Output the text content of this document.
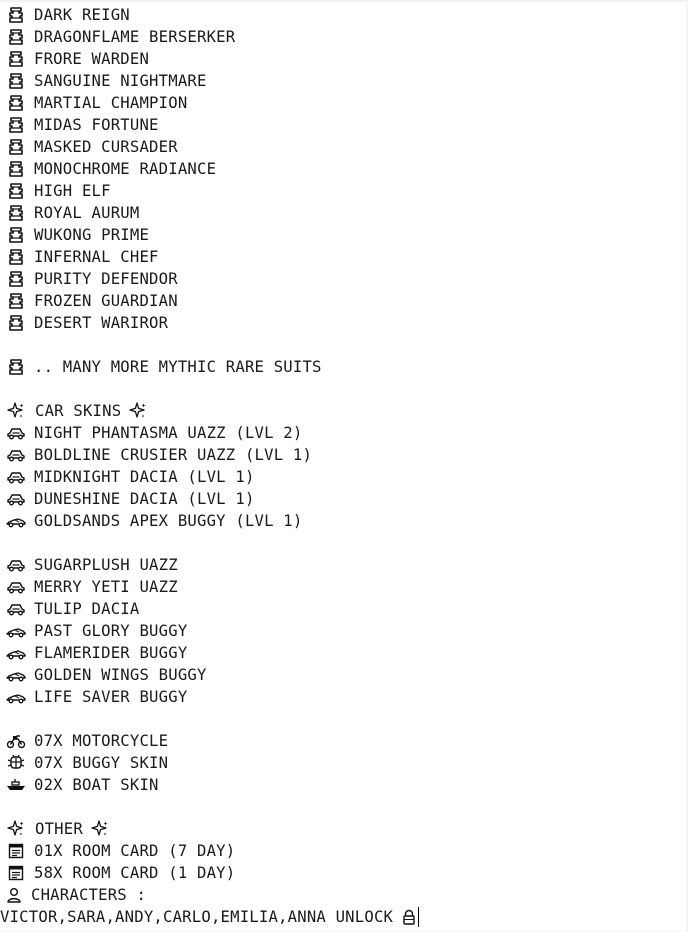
DARK REIGN
DRAGONFLAME BERSERKER
FRORE WARDEN
SANGUINE NIGHTMARE
MARTIAL CHAMPION
MIDAS FORTUNE
MASKED CURSADER
MONOCHROME RADIANCE
HIGH ELF
ROYAL AURUM
WUKONG PRIME
INFERNAL CHEF
PURITY DEFENDOR
FROZEN GUARDIAN
DESERT WARIROR
.. MANY MORE MYTHIC RARE SUITS
CAR SKINS
NIGHT PHANTASMA UAZZ (LVL 2)
BOLDLINE CRUSIER UAZZ (LVL 1)
MIDKNIGHT DACIA (LVL 1)
DUNESHINE DACIA (LVL 1)
GOLDSANDS APEX BUGGY (LVL 1)
SUGARPLUSH UAZZ
MERRY YETI UAZZ
TULIP DACIA
PAST GLORY BUGGY
FLAMERIDER BUGGY
GOLDEN WINGS BUGGY
LIFE SAVER BUGGY
07X MOTORCYCLE
07X BUGGY SKIN
02X BOAT SKIN
OTHER
01X ROOM CARD (7 DAY)
58X ROOM CARD (1 DAY)
CHARACTERS :
VICTOR,SARA,ANDY,CARLO,EMILIA,ANNA UNLOCK
